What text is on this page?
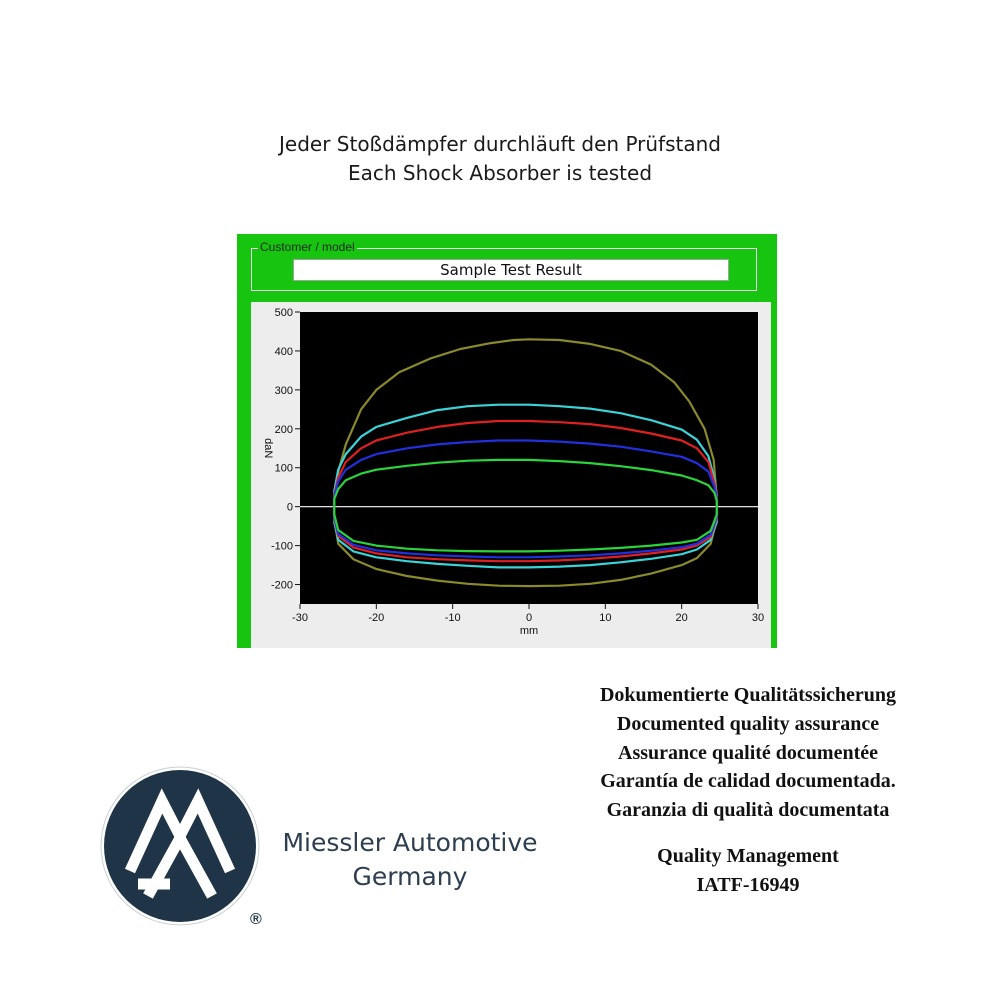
Jeder Stoßdämpfer durchläuft den Prüfstand
Each Shock Absorber is tested
Customer / model
Sample Test Result
-200
-100
0
100
200
300
400
500
-30	-20	-10	0	10	20	30
mm
daN
Dokumentierte Qualitätssicherung
Documented quality assurance
Assurance qualité documentée
Garantía de calidad documentada.
Garanzia di qualità documentata
Quality Management
IATF-16949
®
Miessler Automotive
Germany
